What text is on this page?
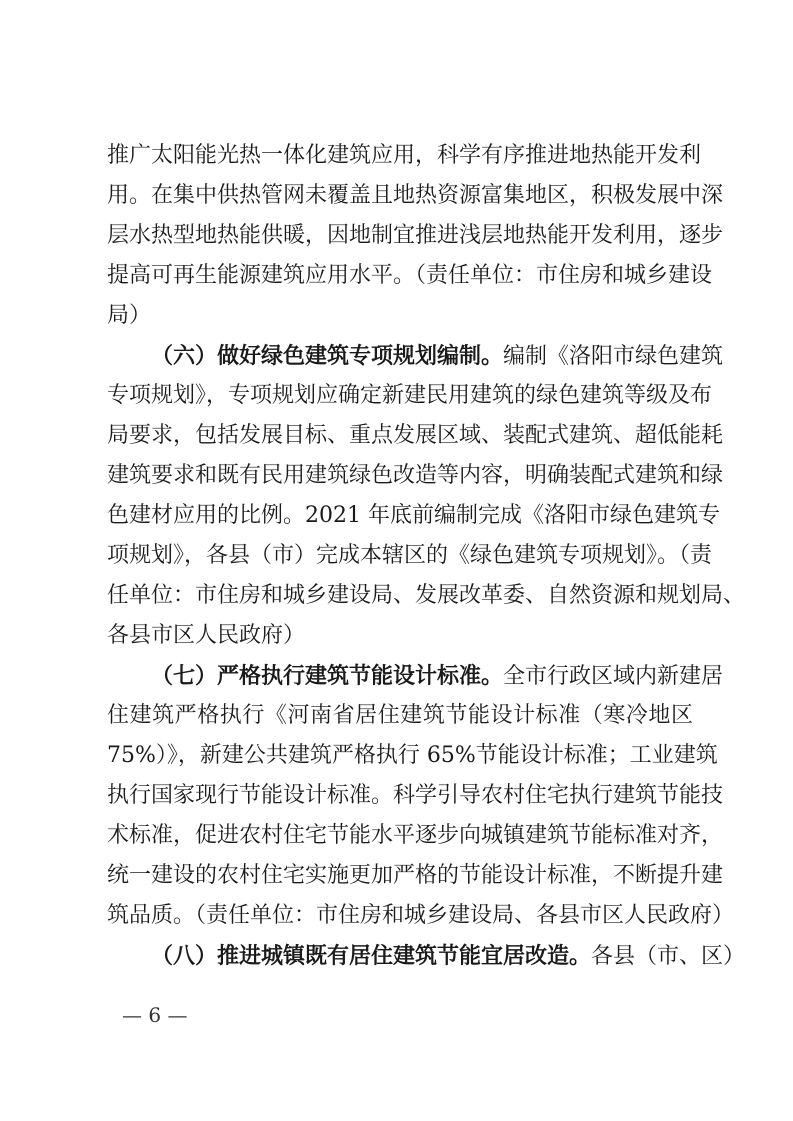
推广太阳能光热一体化建筑应用，科学有序推进地热能开发利
用。在集中供热管网未覆盖且地热资源富集地区，积极发展中深
层水热型地热能供暖，因地制宜推进浅层地热能开发利用，逐步
提高可再生能源建筑应用水平。（责任单位：市住房和城乡建设
局）
（六）做好绿色建筑专项规划编制。编制《洛阳市绿色建筑
专项规划》，专项规划应确定新建民用建筑的绿色建筑等级及布
局要求，包括发展目标、重点发展区域、装配式建筑、超低能耗
建筑要求和既有民用建筑绿色改造等内容，明确装配式建筑和绿
色建材应用的比例。2021 年底前编制完成《洛阳市绿色建筑专
项规划》，各县（市）完成本辖区的《绿色建筑专项规划》。（责
任单位：市住房和城乡建设局、发展改革委、自然资源和规划局、
各县市区人民政府）
（七）严格执行建筑节能设计标准。全市行政区域内新建居
住建筑严格执行《河南省居住建筑节能设计标准（寒冷地区
75%）》，新建公共建筑严格执行 65%节能设计标准；工业建筑
执行国家现行节能设计标准。科学引导农村住宅执行建筑节能技
术标准，促进农村住宅节能水平逐步向城镇建筑节能标准对齐，
统一建设的农村住宅实施更加严格的节能设计标准，不断提升建
筑品质。（责任单位：市住房和城乡建设局、各县市区人民政府）
（八）推进城镇既有居住建筑节能宜居改造。各县（市、区）
— 6 —
